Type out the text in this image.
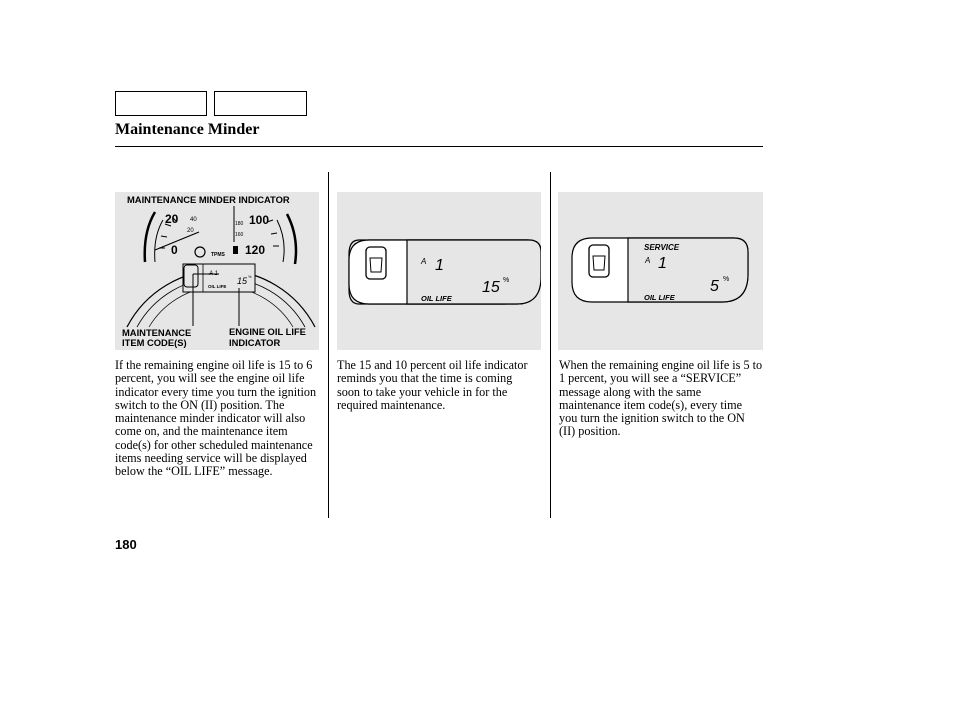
Maintenance Minder
20 40
20
0
100
180
160
120
TPMS
A 1
15 %
OIL LIFE
MAINTENANCE MINDER INDICATOR
MAINTENANCE
ITEM CODE(S)
ENGINE OIL LIFE
INDICATOR
A 1
15 %
OIL LIFE
SERVICE
A 1
5 %
OIL LIFE
If the remaining engine oil life is 15 to 6 percent, you will see the engine oil life indicator every time you turn the ignition switch to the ON (II) position. The maintenance minder indicator will also come on, and the maintenance item code(s) for other scheduled maintenance items needing service will be displayed below the “OIL LIFE” message.
The 15 and 10 percent oil life indicator reminds you that the time is coming soon to take your vehicle in for the required maintenance.
When the remaining engine oil life is 5 to 1 percent, you will see a “SERVICE” message along with the same maintenance item code(s), every time you turn the ignition switch to the ON (II) position.
180
